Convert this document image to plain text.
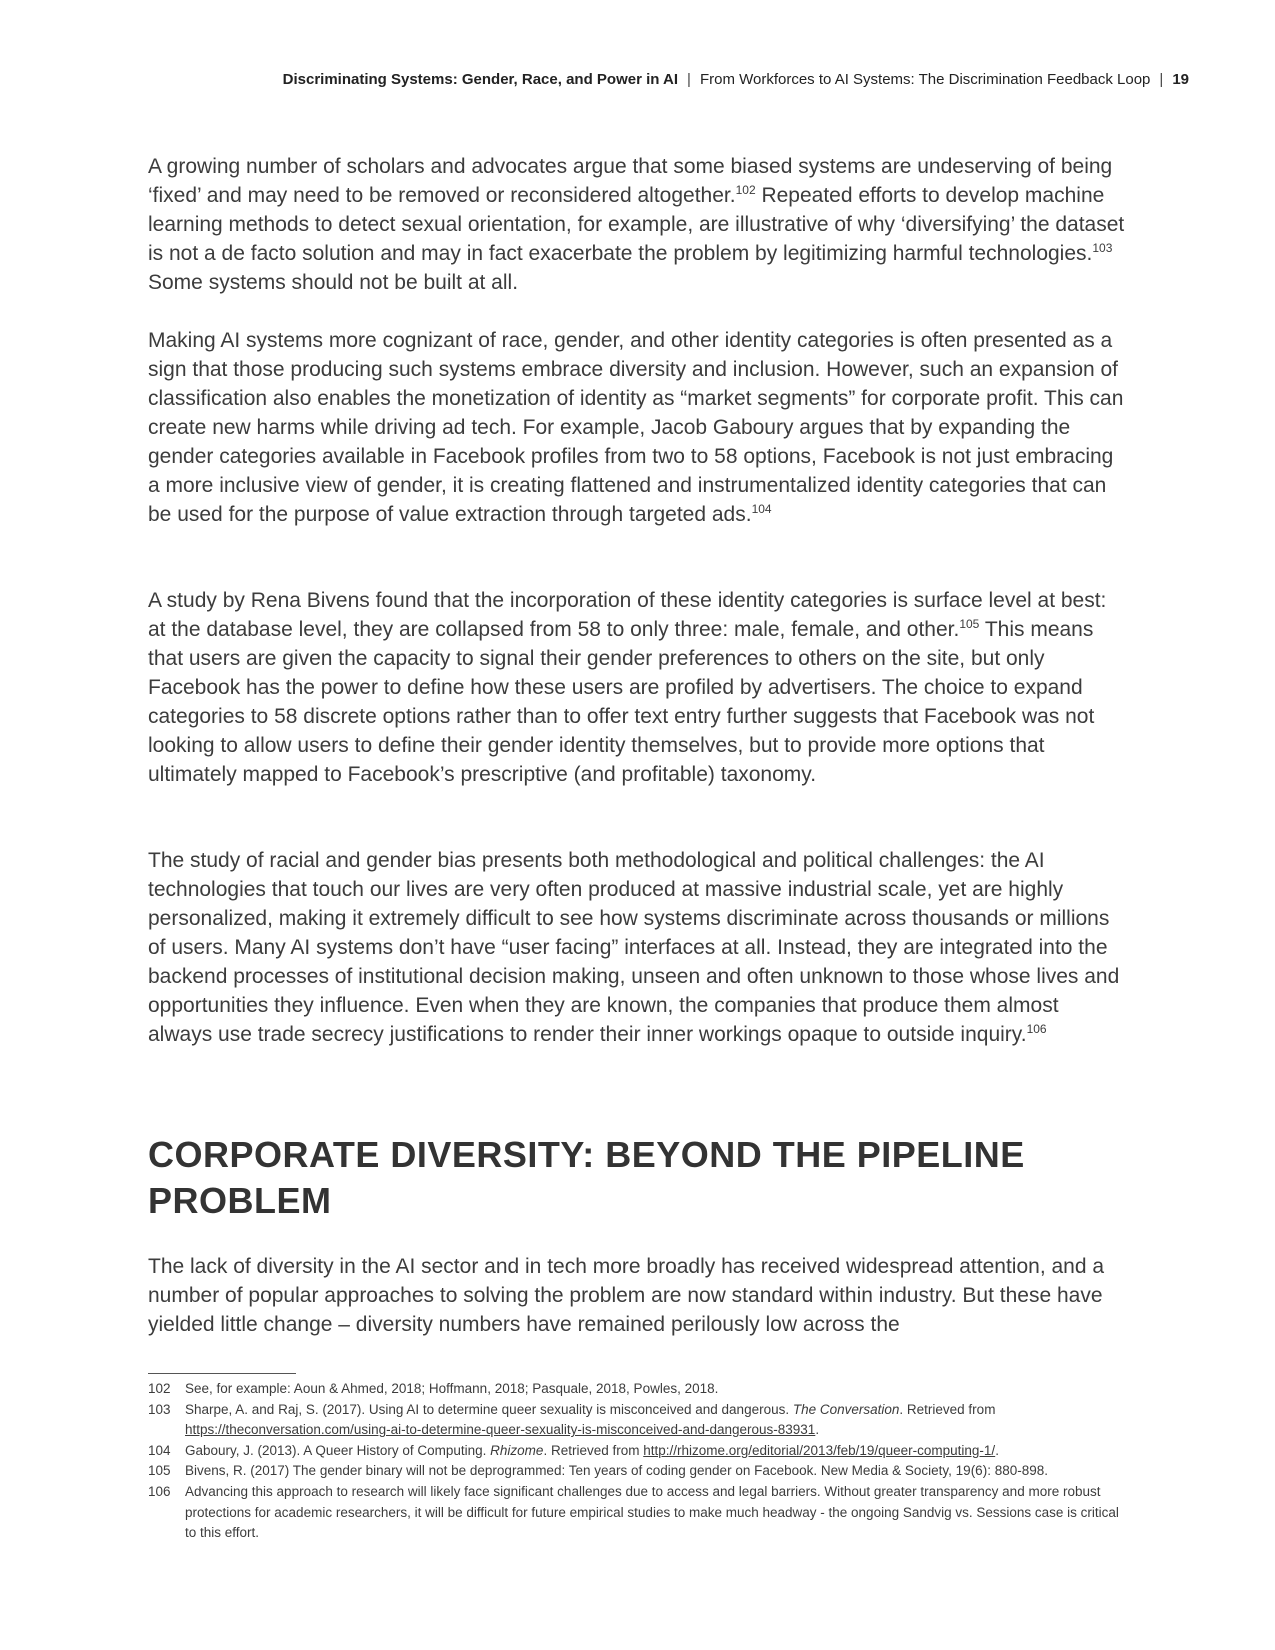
Discriminating Systems: Gender, Race, and Power in AI | From Workforces to AI Systems: The Discrimination Feedback Loop | 19

A growing number of scholars and advocates argue that some biased systems are undeserving of being ‘fixed’ and may need to be removed or reconsidered altogether.$^{102}$ Repeated efforts to develop machine learning methods to detect sexual orientation, for example, are illustrative of why ‘diversifying’ the dataset is not a de facto solution and may in fact exacerbate the problem by legitimizing harmful technologies.$^{103}$ Some systems should not be built at all.

Making AI systems more cognizant of race, gender, and other identity categories is often presented as a sign that those producing such systems embrace diversity and inclusion. However, such an expansion of classification also enables the monetization of identity as “market segments” for corporate profit. This can create new harms while driving ad tech. For example, Jacob Gaboury argues that by expanding the gender categories available in Facebook profiles from two to 58 options, Facebook is not just embracing a more inclusive view of gender, it is creating flattened and instrumentalized identity categories that can be used for the purpose of value extraction through targeted ads.$^{104}$

A study by Rena Bivens found that the incorporation of these identity categories is surface level at best: at the database level, they are collapsed from 58 to only three: male, female, and other.$^{105}$ This means that users are given the capacity to signal their gender preferences to others on the site, but only Facebook has the power to define how these users are profiled by advertisers. The choice to expand categories to 58 discrete options rather than to offer text entry further suggests that Facebook was not looking to allow users to define their gender identity themselves, but to provide more options that ultimately mapped to Facebook’s prescriptive (and profitable) taxonomy.

The study of racial and gender bias presents both methodological and political challenges: the AI technologies that touch our lives are very often produced at massive industrial scale, yet are highly personalized, making it extremely difficult to see how systems discriminate across thousands or millions of users. Many AI systems don’t have “user facing” interfaces at all. Instead, they are integrated into the backend processes of institutional decision making, unseen and often unknown to those whose lives and opportunities they influence. Even when they are known, the companies that produce them almost always use trade secrecy justifications to render their inner workings opaque to outside inquiry.$^{106}$

CORPORATE DIVERSITY: BEYOND THE PIPELINE PROBLEM

The lack of diversity in the AI sector and in tech more broadly has received widespread attention, and a number of popular approaches to solving the problem are now standard within industry. But these have yielded little change – diversity numbers have remained perilously low across the

102	See, for example: Aoun & Ahmed, 2018; Hoffmann, 2018; Pasquale, 2018, Powles, 2018.
103	Sharpe, A. and Raj, S. (2017). Using AI to determine queer sexuality is misconceived and dangerous. The Conversation. Retrieved from https://theconversation.com/using-ai-to-determine-queer-sexuality-is-misconceived-and-dangerous-83931.
104	Gaboury, J. (2013). A Queer History of Computing. Rhizome. Retrieved from http://rhizome.org/editorial/2013/feb/19/queer-computing-1/.
105	Bivens, R. (2017) The gender binary will not be deprogrammed: Ten years of coding gender on Facebook. New Media & Society, 19(6): 880-898.
106	Advancing this approach to research will likely face significant challenges due to access and legal barriers. Without greater transparency and more robust protections for academic researchers, it will be difficult for future empirical studies to make much headway - the ongoing Sandvig vs. Sessions case is critical to this effort.
